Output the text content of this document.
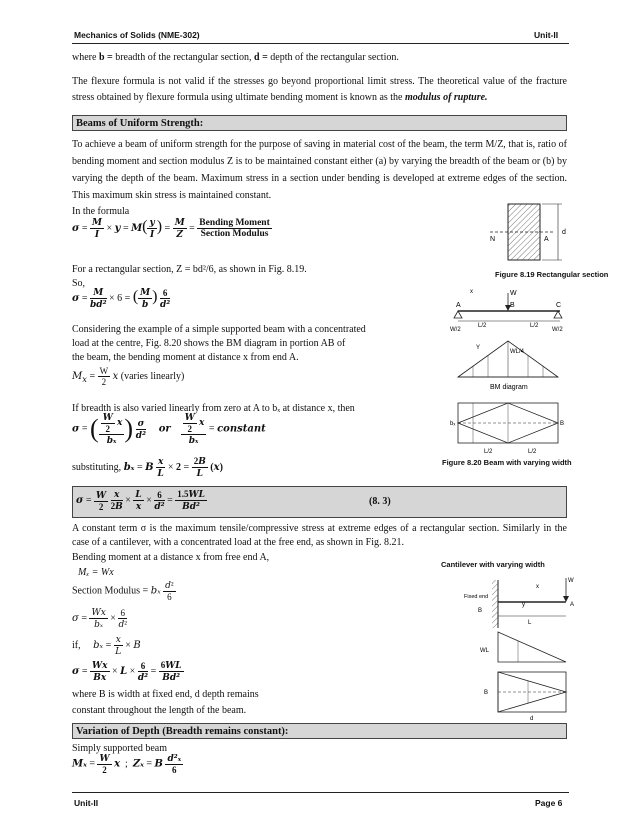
Mechanics of Solids (NME-302)	Unit-II
where b = breadth of the rectangular section, d = depth of the rectangular section.
The flexure formula is not valid if the stresses go beyond proportional limit stress. The theoretical value of the fracture stress obtained by flexure formula using ultimate bending moment is known as the modulus of rupture.
Beams of Uniform Strength:
To achieve a beam of uniform strength for the purpose of saving in material cost of the beam, the term M/Z, that is, ratio of bending moment and section modulus Z is to be maintained constant either (a) by varying the breadth of the beam or (b) by varying the depth of the beam. Maximum stress in a section under bending is developed at extreme edges of the section. This maximum skin stress is maintained constant.
In the formula
$\sigma = \frac{M}{I} \times y = M( \frac{y}{I}$ ) = $\frac{M}{Z} = \frac{\text{Bending Moment}}{\text{Section Modulus}}$
For a rectangular section, Z = bd²/6, as shown in Fig. 8.19.
So,
$\sigma = \frac{M}{\text{bd²}} \times 6$ = ( $\frac{M}{b}$ ) $\frac{6}{\text{d²}}$
Considering the example of a simple supported beam with a concentrated
load at the centre, Fig. 8.20 shows the BM diagram in portion AB of
the beam, the bending moment at distance x from end A.
$M_x = \frac{W}{2}$ x (varies linearly)
If breadth is also varied linearly from zero at A to bₓ at distance x, then
σ = ( $\frac{\frac{W}{2} x}{\text{bₓ}}$ ) $\frac{\sigma}{\text{d²}}$ or $\frac{\frac{W}{2} x}{\text{bₓ}}$ = constant
substituting, bₓ = B $\frac{x}{L} \times 2 = \frac{2B}{L} (x)$
$\sigma = \frac{W}{2}$
$\frac{x}{2B} \times \frac{L}{x} \times \frac{6}{\text{d²}} = \frac{1.5WL}{\text{Bd²}}$	(8. 3)
A constant term σ is the maximum tensile/compressive stress at extreme edges of a rectangular section. Similarly in the case of a cantilever, with a concentrated load at the free end, as shown in Fig. 8.21.
Bending moment at a distance x from free end A,
Mₓ = Wx
Section Modulus = bₓ $\frac{\text{d²}}{6}$
$\sigma = \frac{Wx}{\text{bₓ}} \times \frac{6}{\text{d²}}$
if, $b_x = \frac{x}{L} \times B$
$\sigma = \frac{Wx}{Bx} \times L \times \frac{6}{\text{d²}} = \frac{6WL}{\text{Bd²}}$
where B is width at fixed end, d depth remains
constant throughout the length of the beam.
Variation of Depth (Breadth remains constant):
Simply supported beam
$M_x = \frac{W}{2}$ x  ;  Zₓ = B $\frac{\text{d²ₓ}}{6}$
Unit-II	Page 6
d
N	A
Figure 8.19 Rectangular section
W
A	B	C
x
L/2	L/2
W/2	W/2
WL/4
Y
BM diagram
bₓ	B
L/2	L/2
Figure 8.20 Beam with varying width
Cantilever with varying width
W
A
Fixed end
B
x
y
L
WL
B
d
